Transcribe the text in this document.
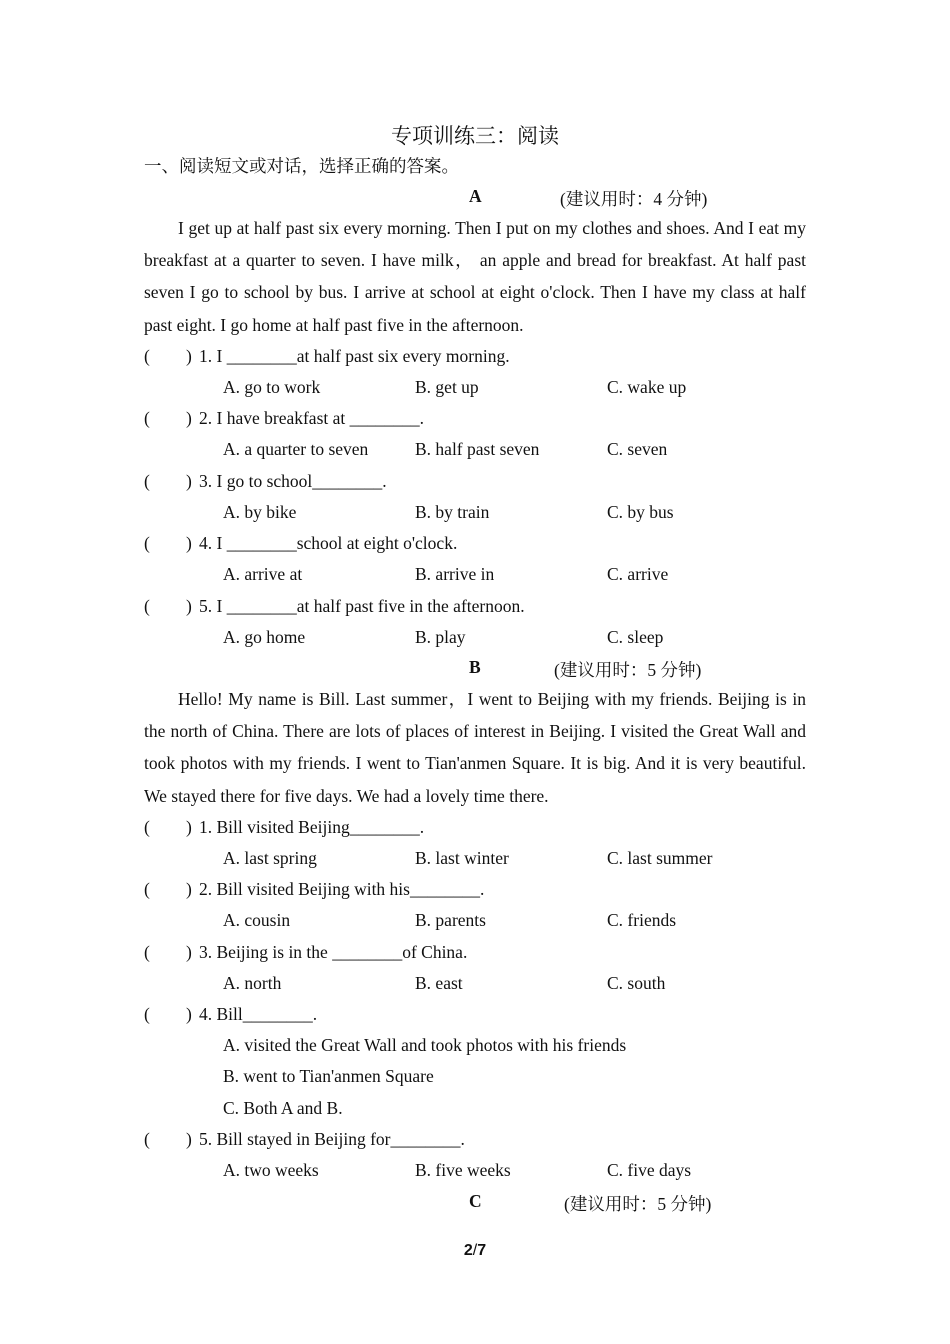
专项训练三：阅读
一、阅读短文或对话，选择正确的答案。
A	(建议用时：4 分钟)
I get up at half past six every morning. Then I put on my clothes and shoes. And I eat my breakfast at a quarter to seven. I have milk， an apple and bread for breakfast. At half past seven I go to school by bus. I arrive at school at eight o'clock. Then I have my class at half past eight. I go home at half past five in the afternoon.
( ) 1. I ________at half past six every morning.
A. go to work	B. get up	C. wake up
( ) 2. I have breakfast at ________.
A. a quarter to seven	B. half past seven	C. seven
( ) 3. I go to school________.
A. by bike	B. by train	C. by bus
( ) 4. I ________school at eight o'clock.
A. arrive at	B. arrive in	C. arrive
( ) 5. I ________at half past five in the afternoon.
A. go home	B. play	C. sleep
B	(建议用时：5 分钟)
Hello! My name is Bill. Last summer，I went to Beijing with my friends. Beijing is in the north of China. There are lots of places of interest in Beijing. I visited the Great Wall and took photos with my friends. I went to Tian'anmen Square. It is big. And it is very beautiful. We stayed there for five days. We had a lovely time there.
( ) 1. Bill visited Beijing________.
A. last spring	B. last winter	C. last summer
( ) 2. Bill visited Beijing with his________.
A. cousin	B. parents	C. friends
( ) 3. Beijing is in the ________of China.
A. north	B. east	C. south
( ) 4. Bill________.
A. visited the Great Wall and took photos with his friends
B. went to Tian'anmen Square
C. Both A and B.
( ) 5. Bill stayed in Beijing for________.
A. two weeks	B. five weeks	C. five days
C	(建议用时：5 分钟)
2/7
